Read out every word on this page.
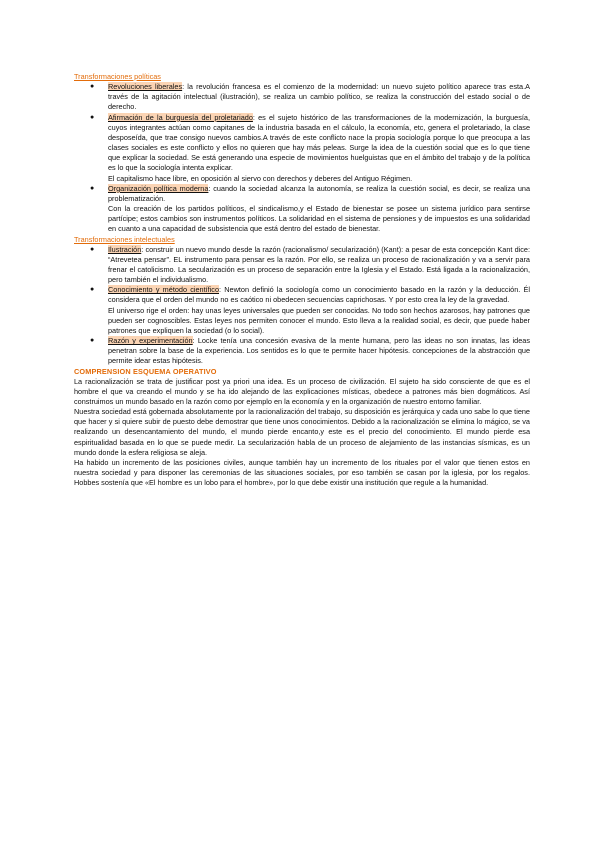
Transformaciones políticas
● Revoluciones liberales: la revolución francesa es el comienzo de la modernidad: un nuevo sujeto político aparece tras esta.A través de la agitación intelectual (ilustración), se realiza un cambio político, se realiza la construcción del estado social o de derecho.
● Afirmación de la burguesía del proletariado: es el sujeto histórico de las transformaciones de la modernización, la burguesía, cuyos integrantes actúan como capitanes de la industria basada en el cálculo, la economía, etc, genera el proletariado, la clase desposeída, que trae consigo nuevos cambios.A través de este conflicto nace la propia sociología porque lo que preocupa a las clases sociales es este conflicto y ellos no quieren que hay más peleas. Surge la idea de la cuestión social que es lo que tiene que explicar la sociedad. Se está generando una especie de movimientos huelguistas que en el ámbito del trabajo y de la política es lo que la sociología intenta explicar.
El capitalismo hace libre, en oposición al siervo con derechos y deberes del Antiguo Régimen.
● Organización política moderna: cuando la sociedad alcanza la autonomía, se realiza la cuestión social, es decir, se realiza una problematización.
Con la creación de los partidos políticos, el sindicalismo,y el Estado de bienestar se posee un sistema jurídico para sentirse partícipe; estos cambios son instrumentos políticos. La solidaridad en el sistema de pensiones y de impuestos es una solidaridad en cuanto a una capacidad de subsistencia que está dentro del estado de bienestar.
Transformaciones intelectuales
● Ilustración: construir un nuevo mundo desde la razón (racionalismo/ secularización) (Kant): a pesar de esta concepción Kant dice: “Atrevetea pensar”. EL instrumento para pensar es la razón. Por ello, se realiza un proceso de racionalización y va a servir para frenar el catolicismo. La secularización es un proceso de separación entre la Iglesia y el Estado. Está ligada a la racionalización, pero también el individualismo.
● Conocimiento y método científico: Newton definió la sociología como un conocimiento basado en la razón y la deducción. Él considera que el orden del mundo no es caótico ni obedecen secuencias caprichosas. Y por esto crea la ley de la gravedad.
El universo rige el orden: hay unas leyes universales que pueden ser conocidas. No todo son hechos azarosos, hay patrones que pueden ser cognoscibles. Estas leyes nos permiten conocer el mundo. Esto lleva a la realidad social, es decir, que puede haber patrones que expliquen la sociedad (o lo social).
● Razón y experimentación: Locke tenía una concesión evasiva de la mente humana, pero las ideas no son innatas, las ideas penetran sobre la base de la experiencia. Los sentidos es lo que te permite hacer hipótesis. concepciones de la abstracción que permite idear estas hipótesis.
COMPRENSION ESQUEMA OPERATIVO
La racionalización se trata de justificar post ya priori una idea. Es un proceso de civilización. El sujeto ha sido consciente de que es el hombre el que va creando el mundo y se ha ido alejando de las explicaciones místicas, obedece a patrones más bien dogmáticos. Así construimos un mundo basado en la razón como por ejemplo en la economía y en la organización de nuestro entorno familiar.
Nuestra sociedad está gobernada absolutamente por la racionalización del trabajo, su disposición es jerárquica y cada uno sabe lo que tiene que hacer y si quiere subir de puesto debe demostrar que tiene unos conocimientos. Debido a la racionalización se elimina lo mágico, se va realizando un desencantamiento del mundo, el mundo pierde encanto,y este es el precio del conocimiento. El mundo pierde esa espiritualidad basada en lo que se puede medir. La secularización habla de un proceso de alejamiento de las instancias sísmicas, es un mundo donde la esfera religiosa se aleja.
Ha habido un incremento de las posiciones civiles, aunque también hay un incremento de los rituales por el valor que tienen estos en nuestra sociedad y para disponer las ceremonias de las situaciones sociales, por eso también se casan por la iglesia, por los regalos. Hobbes sostenía que «El hombre es un lobo para el hombre», por lo que debe existir una institución que regule a la humanidad.
